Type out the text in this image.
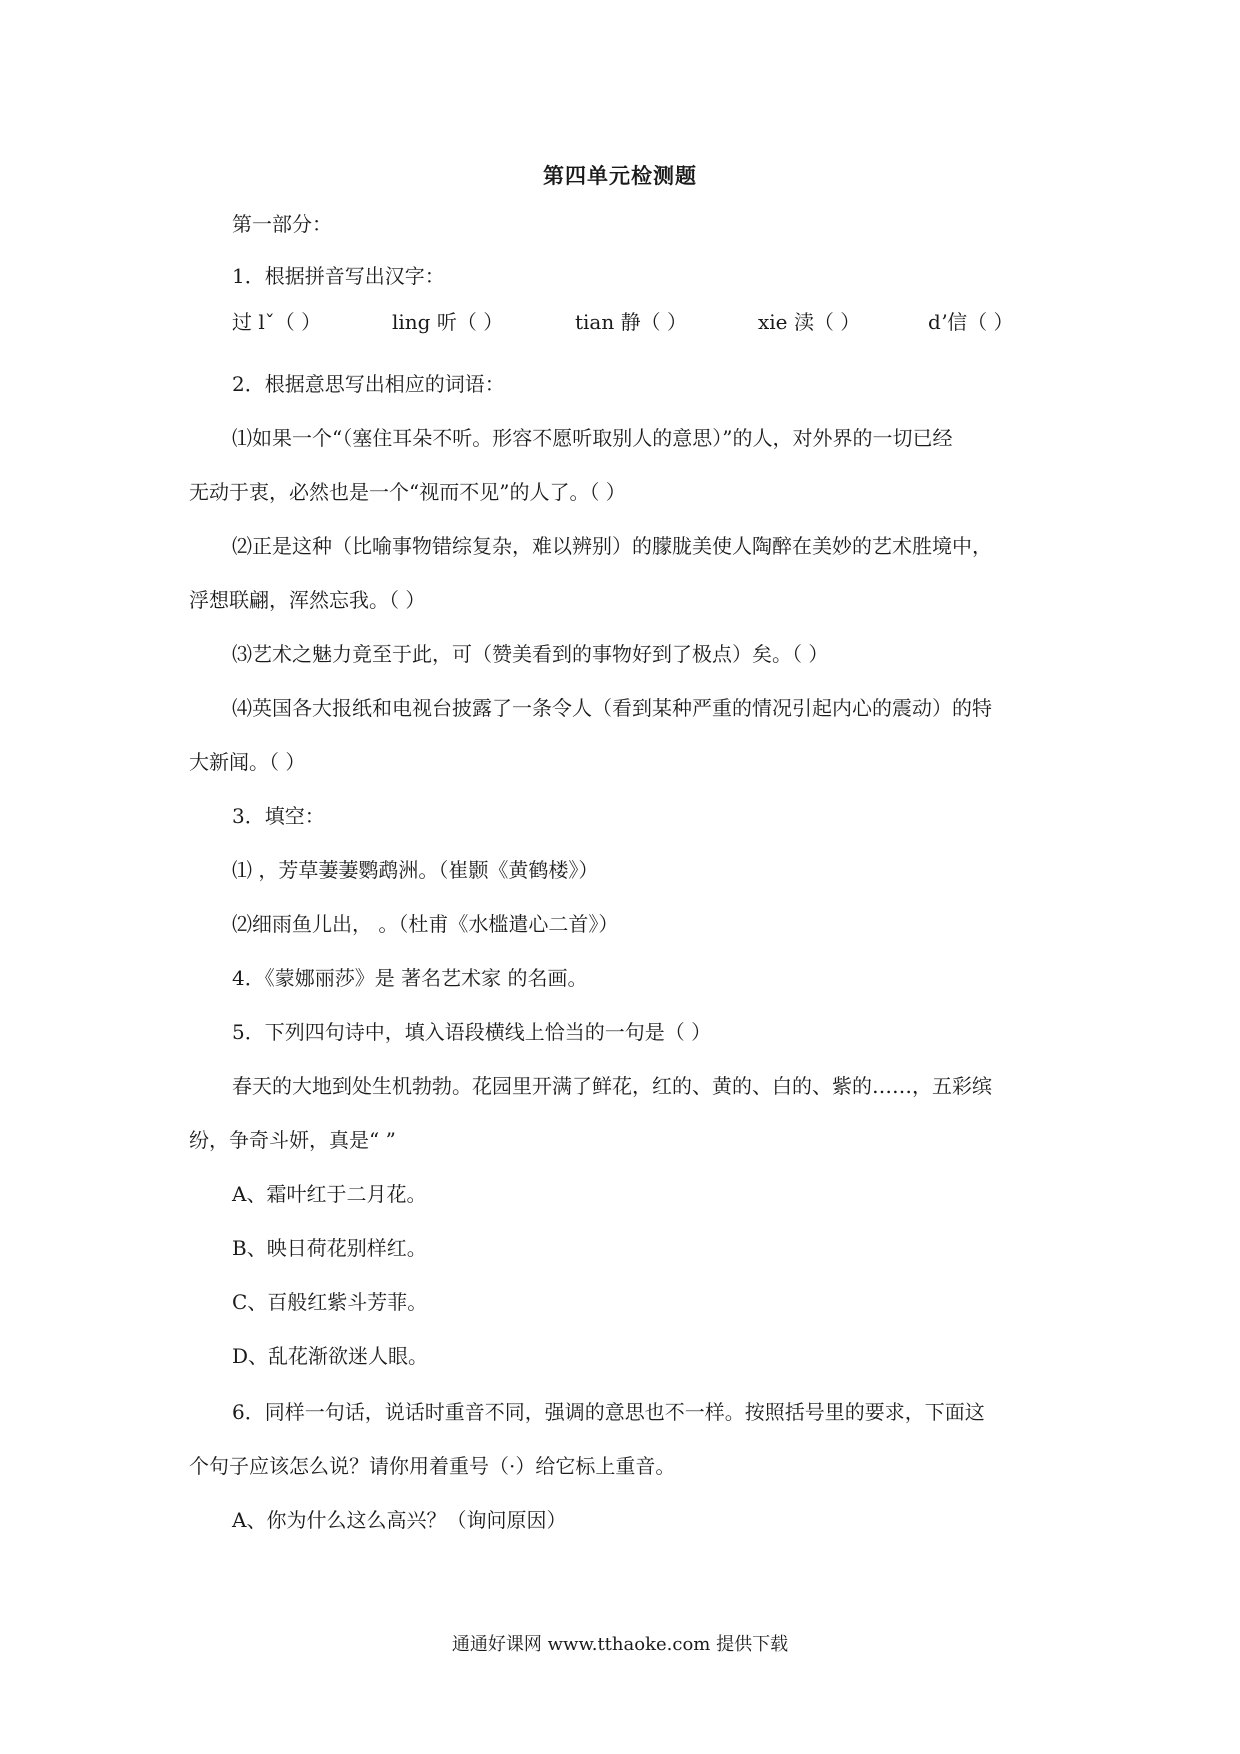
第四单元检测题
第一部分：
1．根据拼音写出汉字：
过 lˇ（ ）	ling 听（ ）	tian 静（ ）	xie 渎（ ）	dʼ信（ ）
2．根据意思写出相应的词语：
⑴如果一个“（塞住耳朵不听。形容不愿听取别人的意思）”的人，对外界的一切已经
无动于衷，必然也是一个“视而不见”的人了。（ ）
⑵正是这种（比喻事物错综复杂，难以辨别）的朦胧美使人陶醉在美妙的艺术胜境中，
浮想联翩，浑然忘我。（ ）
⑶艺术之魅力竟至于此，可（赞美看到的事物好到了极点）矣。（ ）
⑷英国各大报纸和电视台披露了一条令人（看到某种严重的情况引起内心的震动）的特
大新闻。（ ）
3．填空：
⑴ ，芳草萋萋鹦鹉洲。（崔颢《黄鹤楼》）
⑵细雨鱼儿出， 。（杜甫《水槛遣心二首》）
4．《蒙娜丽莎》是 著名艺术家 的名画。
5．下列四句诗中，填入语段横线上恰当的一句是（ ）
春天的大地到处生机勃勃。花园里开满了鲜花，红的、黄的、白的、紫的……，五彩缤
纷，争奇斗妍，真是“ ”
A、霜叶红于二月花。
B、映日荷花别样红。
C、百般红紫斗芳菲。
D、乱花渐欲迷人眼。
6．同样一句话，说话时重音不同，强调的意思也不一样。按照括号里的要求，下面这
个句子应该怎么说？请你用着重号（·）给它标上重音。
A、你为什么这么高兴？（询问原因）
通通好课网 www.tthaoke.com 提供下载
